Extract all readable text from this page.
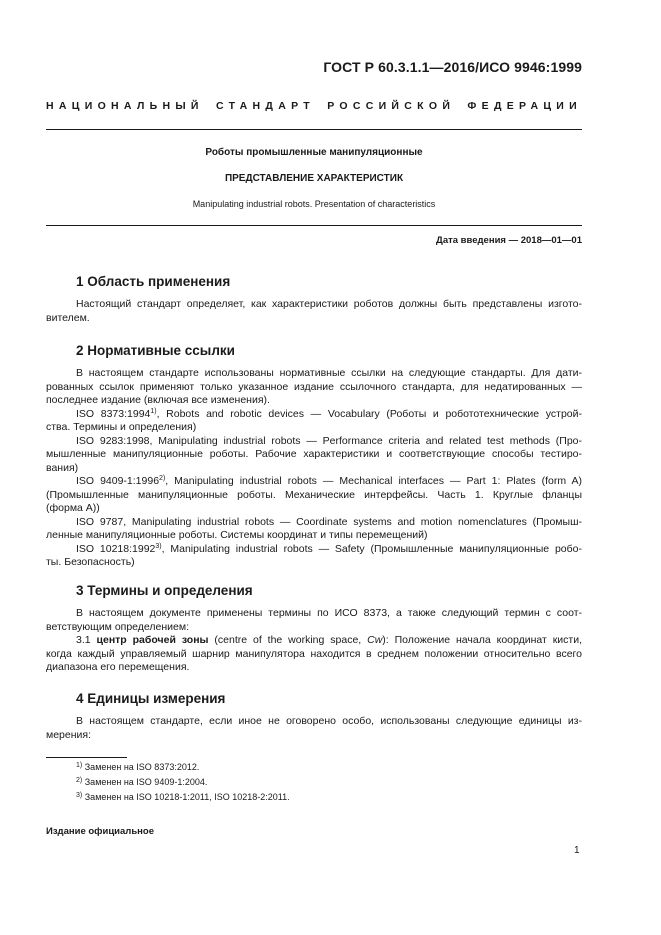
ГОСТ Р 60.3.1.1—2016/ИСО 9946:1999
НАЦИОНАЛЬНЫЙ СТАНДАРТ РОССИЙСКОЙ ФЕДЕРАЦИИ
Роботы промышленные манипуляционные
ПРЕДСТАВЛЕНИЕ ХАРАКТЕРИСТИК
Manipulating industrial robots. Presentation of characteristics
Дата введения — 2018—01—01
1 Область применения
Настоящий стандарт определяет, как характеристики роботов должны быть представлены изгото-
вителем.
2 Нормативные ссылки
В настоящем стандарте использованы нормативные ссылки на следующие стандарты. Для дати-
рованных ссылок применяют только указанное издание ссылочного стандарта, для недатированных —
последнее издание (включая все изменения).
ISO 8373:1994$^{1)}$, Robots and robotic devices — Vocabulary (Роботы и робототехнические устрой-
ства. Термины и определения)
ISO 9283:1998, Manipulating industrial robots — Performance criteria and related test methods (Про-
мышленные манипуляционные роботы. Рабочие характеристики и соответствующие способы тестиро-
вания)
ISO 9409-1:1996$^{2)}$, Manipulating industrial robots — Mechanical interfaces — Part 1: Plates (form A)
(Промышленные манипуляционные роботы. Механические интерфейсы. Часть 1. Круглые фланцы
(форма А))
ISO 9787, Manipulating industrial robots — Coordinate systems and motion nomenclatures (Промыш-
ленные манипуляционные роботы. Системы координат и типы перемещений)
ISO 10218:1992$^{3)}$, Manipulating industrial robots — Safety (Промышленные манипуляционные робо-
ты. Безопасность)
3 Термины и определения
В настоящем документе применены термины по ИСО 8373, а также следующий термин с соот-
ветствующим определением:
3.1 центр рабочей зоны (centre of the working space, Cw): Положение начала координат кисти,
когда каждый управляемый шарнир манипулятора находится в среднем положении относительно всего
диапазона его перемещения.
4 Единицы измерения
В настоящем стандарте, если иное не оговорено особо, использованы следующие единицы из-
мерения:
$^{1)}$ Заменен на ISO 8373:2012.
$^{2)}$ Заменен на ISO 9409-1:2004.
$^{3)}$ Заменен на ISO 10218-1:2011, ISO 10218-2:2011.
Издание официальное
1
